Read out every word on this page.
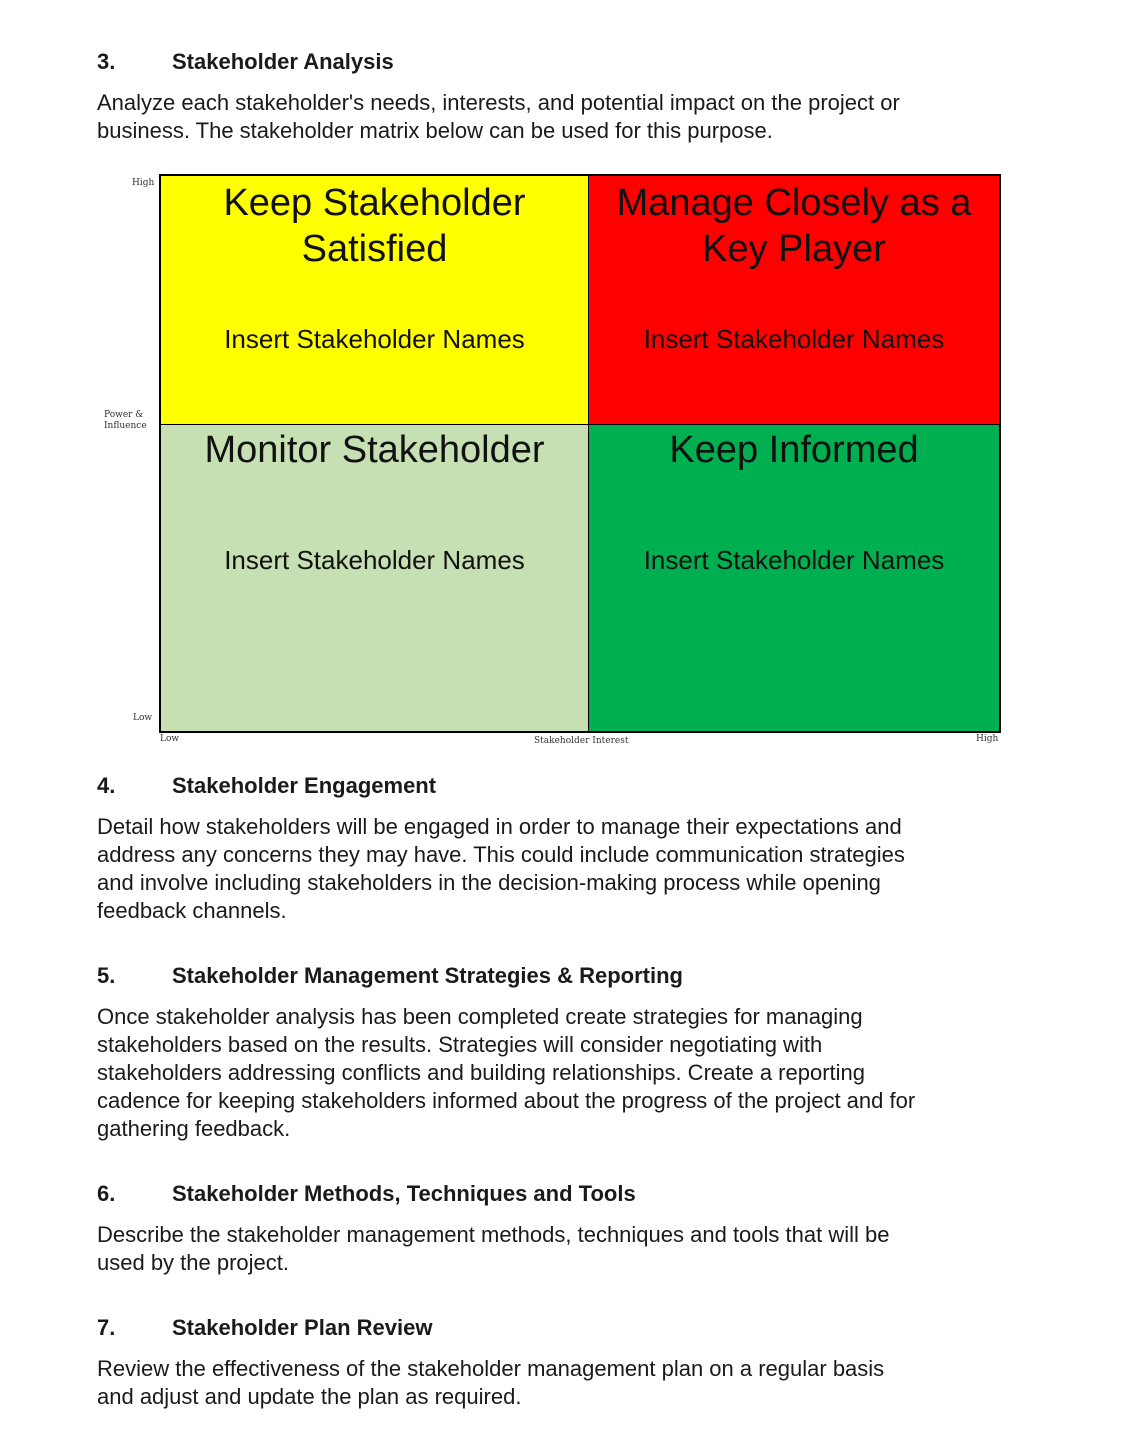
3.	Stakeholder Analysis

Analyze each stakeholder's needs, interests, and potential impact on the project or
business. The stakeholder matrix below can be used for this purpose.

High
Power &
Influence
Low
Low	Stakeholder Interest	High
Keep Stakeholder
Satisfied
Insert Stakeholder Names
Manage Closely as a
Key Player
Insert Stakeholder Names
Monitor Stakeholder
Insert Stakeholder Names
Keep Informed
Insert Stakeholder Names
4.	Stakeholder Engagement

Detail how stakeholders will be engaged in order to manage their expectations and
address any concerns they may have. This could include communication strategies
and involve including stakeholders in the decision-making process while opening
feedback channels.

5.	Stakeholder Management Strategies & Reporting

Once stakeholder analysis has been completed create strategies for managing
stakeholders based on the results. Strategies will consider negotiating with
stakeholders addressing conflicts and building relationships. Create a reporting
cadence for keeping stakeholders informed about the progress of the project and for
gathering feedback.

6.	Stakeholder Methods, Techniques and Tools

Describe the stakeholder management methods, techniques and tools that will be
used by the project.

7.	Stakeholder Plan Review

Review the effectiveness of the stakeholder management plan on a regular basis
and adjust and update the plan as required.
